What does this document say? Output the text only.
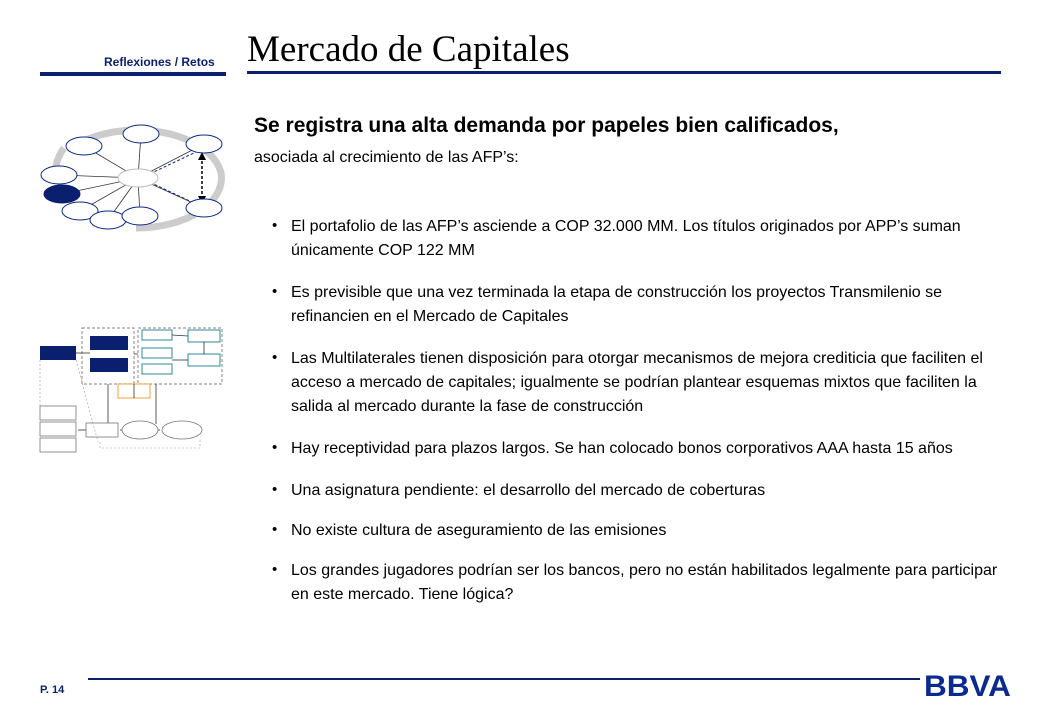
Reflexiones / Retos Mercado de Capitales
Se registra una alta demanda por papeles bien calificados,
asociada al crecimiento de las AFP’s:
• El portafolio de las AFP’s asciende a COP 32.000 MM. Los títulos originados por APP’s suman únicamente COP 122 MM
• Es previsible que una vez terminada la etapa de construcción los proyectos Transmilenio se refinancien en el Mercado de Capitales
• Las Multilaterales tienen disposición para otorgar mecanismos de mejora crediticia que faciliten el acceso a mercado de capitales; igualmente se podrían plantear esquemas mixtos que faciliten la salida al mercado durante la fase de construcción
• Hay receptividad para plazos largos. Se han colocado bonos corporativos AAA hasta 15 años
• Una asignatura pendiente: el desarrollo del mercado de coberturas
• No existe cultura de aseguramiento de las emisiones
• Los grandes jugadores podrían ser los bancos, pero no están habilitados legalmente para participar en este mercado. Tiene lógica?
P. 14	BBVA
